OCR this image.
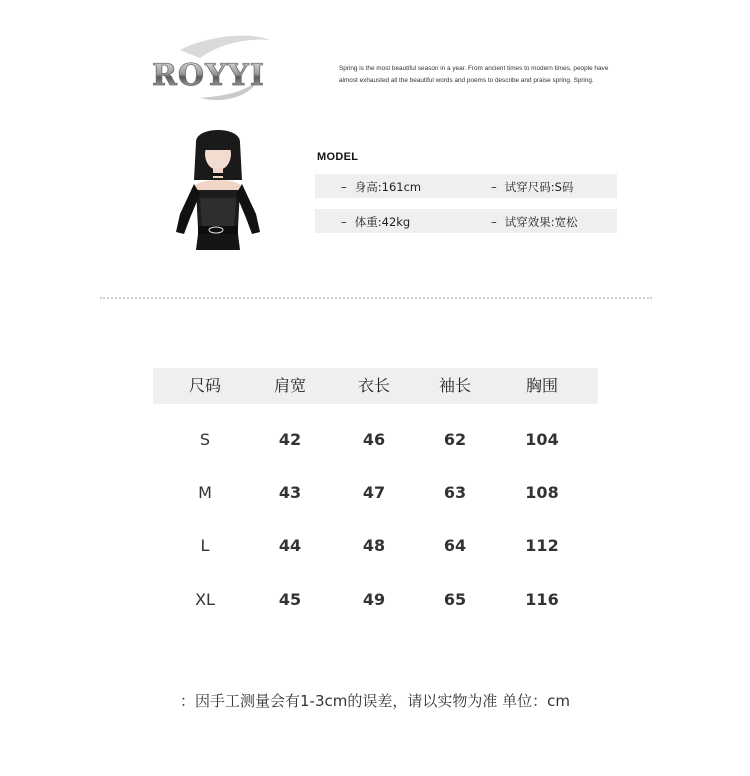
ROYYI	Spring is the most beautiful season in a year. From ancient times to modern times, people have
almost exhausted all the beautiful words and poems to describe and praise spring. Spring.
MODEL
– 身高:161cm	– 试穿尺码:S码
– 体重:42kg	– 试穿效果:宽松
尺码	肩宽	衣长	袖长	胸围
S	42	46	62	104
M	43	47	63	108
L	44	48	64	112
XL	45	49	65	116
：因手工测量会有1-3cm的误差，请以实物为准 单位：cm
